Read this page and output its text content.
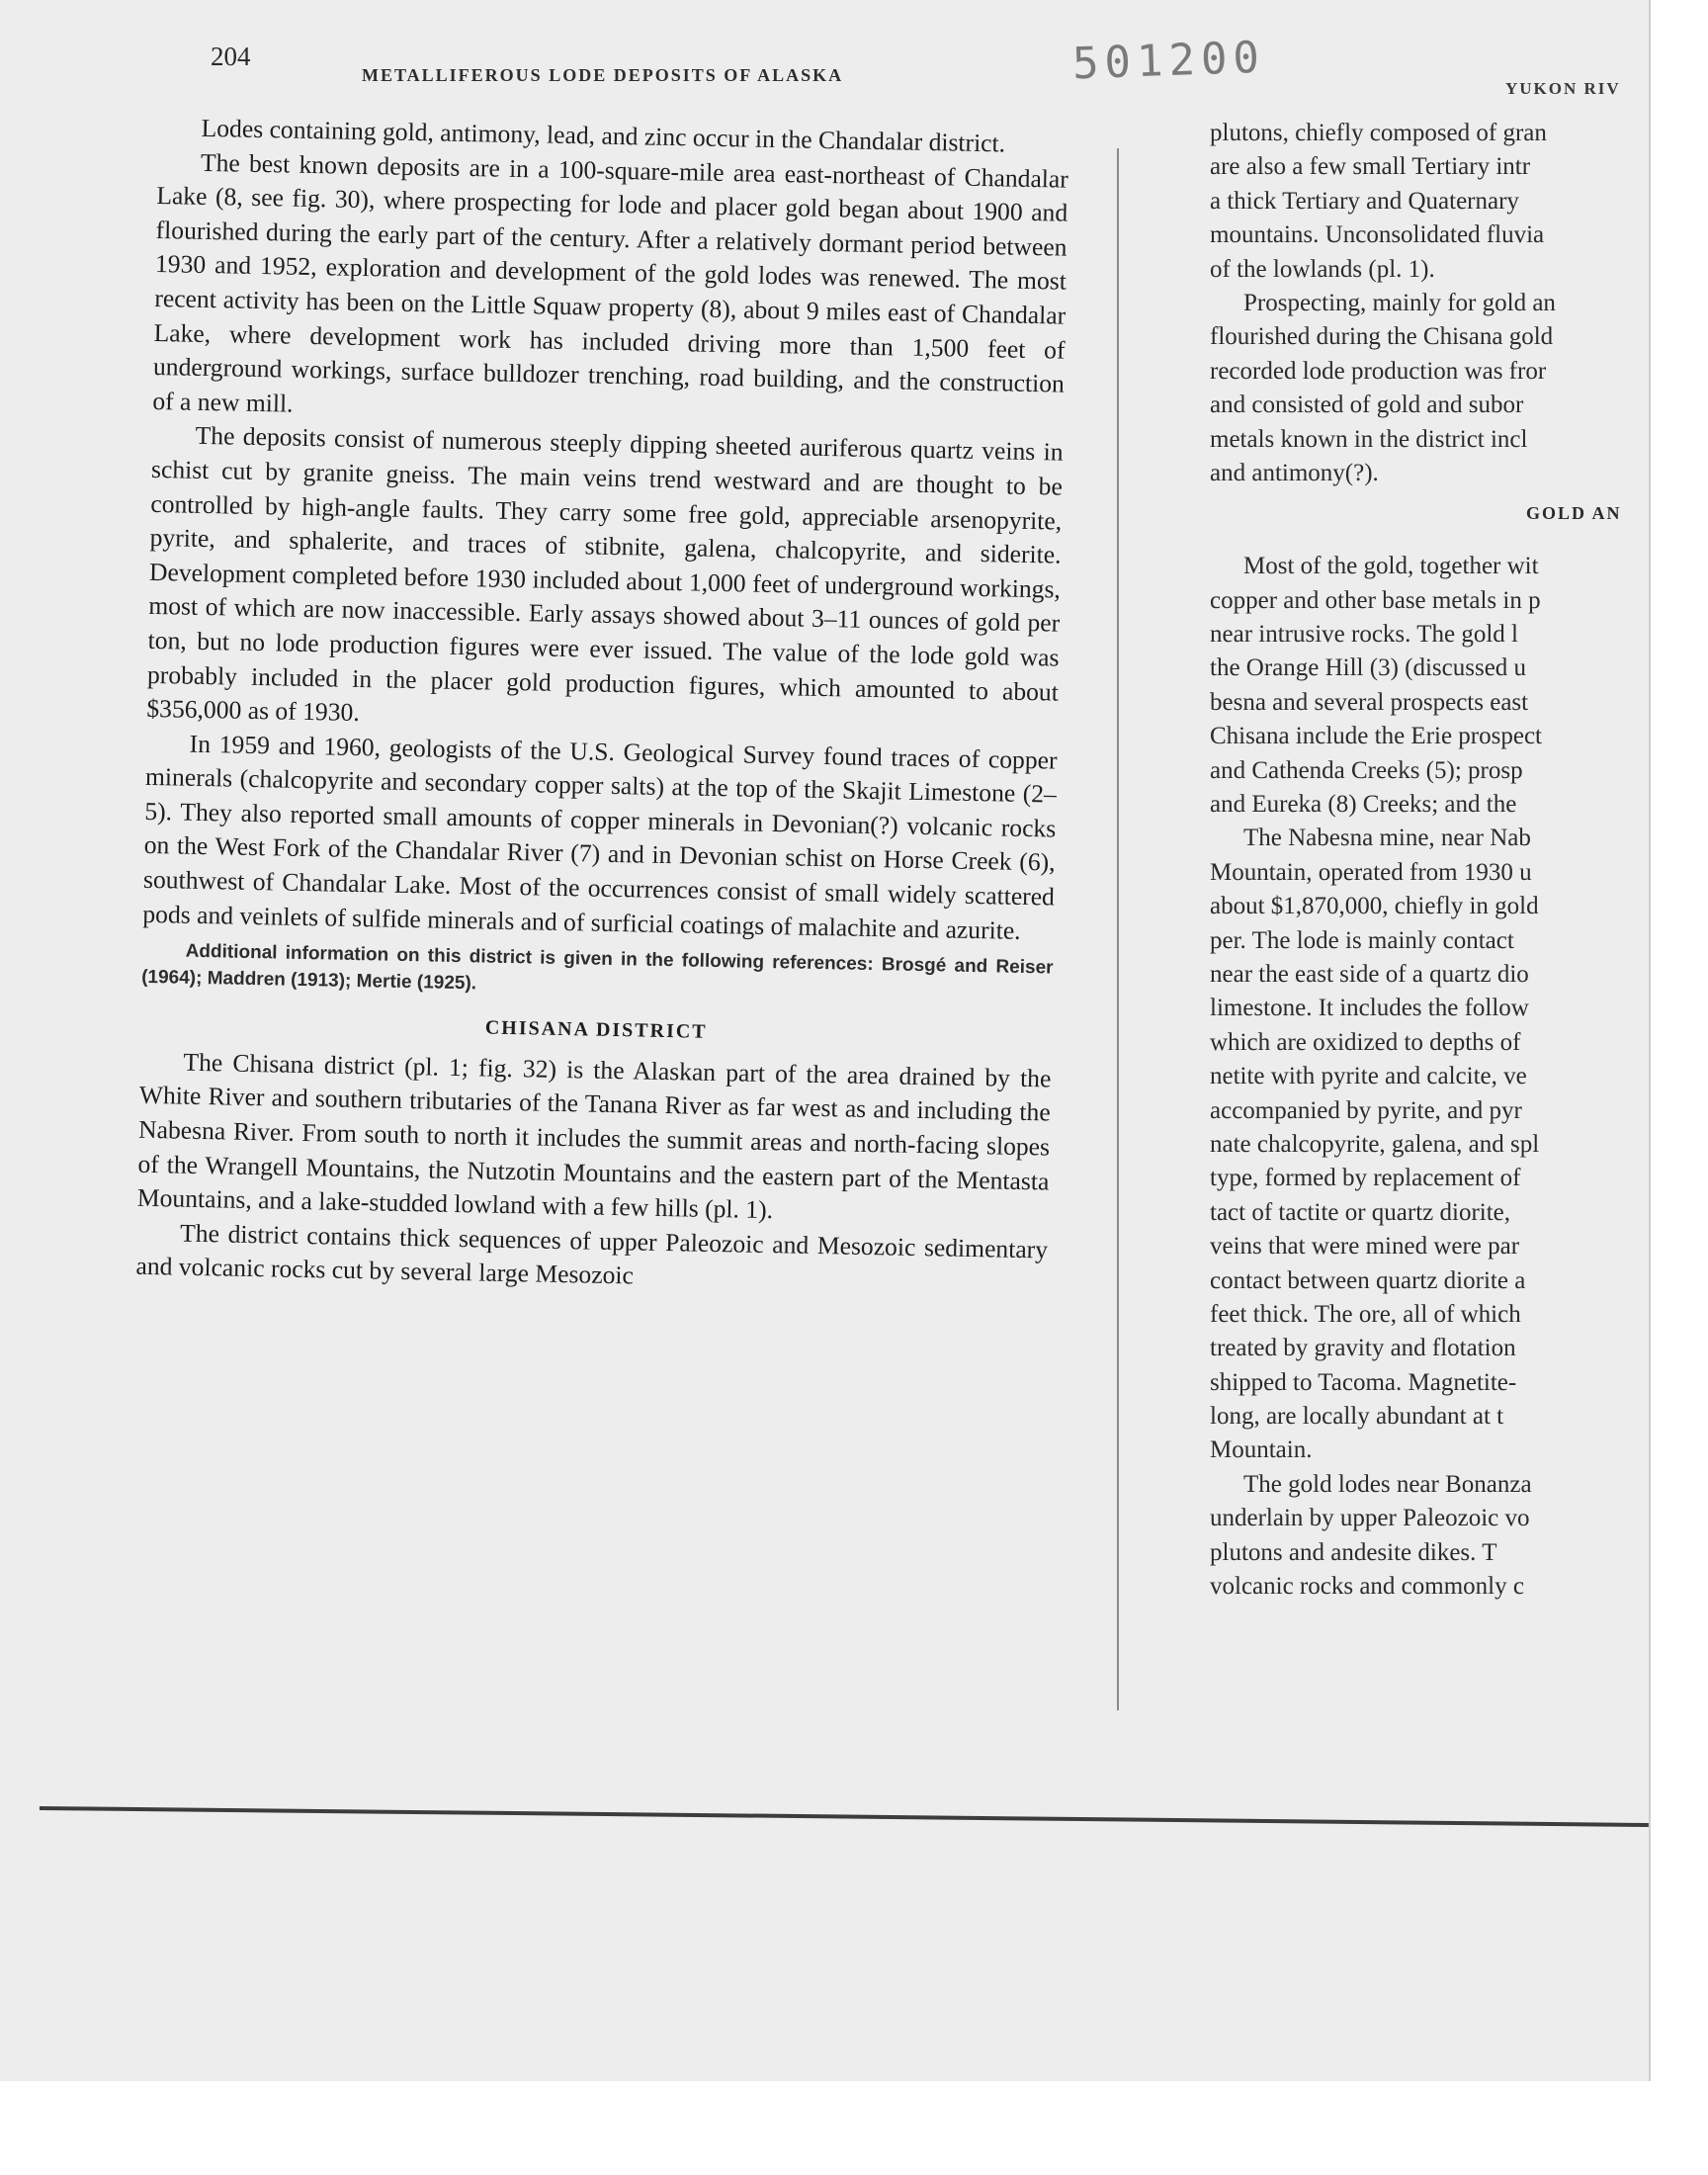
204
METALLIFEROUS LODE DEPOSITS OF ALASKA	501200	YUKON RIV

Lodes containing gold, antimony, lead, and zinc occur in the Chandalar district.

The best known deposits are in a 100-square-mile area east-northeast of Chandalar Lake (8, see fig. 30), where prospecting for lode and placer gold began about 1900 and flourished during the early part of the century. After a relatively dormant period between 1930 and 1952, exploration and development of the gold lodes was renewed. The most recent activity has been on the Little Squaw property (8), about 9 miles east of Chandalar Lake, where development work has included driving more than 1,500 feet of underground workings, surface bulldozer trenching, road building, and the construction of a new mill.

The deposits consist of numerous steeply dipping sheeted auriferous quartz veins in schist cut by granite gneiss. The main veins trend westward and are thought to be controlled by high-angle faults. They carry some free gold, appreciable arsenopyrite, pyrite, and sphalerite, and traces of stibnite, galena, chalcopyrite, and siderite. Development completed before 1930 included about 1,000 feet of underground workings, most of which are now inaccessible. Early assays showed about 3–11 ounces of gold per ton, but no lode production figures were ever issued. The value of the lode gold was probably included in the placer gold production figures, which amounted to about $356,000 as of 1930.

In 1959 and 1960, geologists of the U.S. Geological Survey found traces of copper minerals (chalcopyrite and secondary copper salts) at the top of the Skajit Limestone (2–5). They also reported small amounts of copper minerals in Devonian(?) volcanic rocks on the West Fork of the Chandalar River (7) and in Devonian schist on Horse Creek (6), southwest of Chandalar Lake. Most of the occurrences consist of small widely scattered pods and veinlets of sulfide minerals and of surficial coatings of malachite and azurite.

Additional information on this district is given in the following references: Brosgé and Reiser (1964); Maddren (1913); Mertie (1925).

CHISANA DISTRICT

The Chisana district (pl. 1; fig. 32) is the Alaskan part of the area drained by the White River and southern tributaries of the Tanana River as far west as and including the Nabesna River. From south to north it includes the summit areas and north-facing slopes of the Wrangell Mountains, the Nutzotin Mountains and the eastern part of the Mentasta Mountains, and a lake-studded lowland with a few hills (pl. 1).

The district contains thick sequences of upper Paleozoic and Mesozoic sedimentary and volcanic rocks cut by several large Mesozoic

plutons, chiefly composed of gran
are also a few small Tertiary intr
a thick Tertiary and Quaternary
mountains. Unconsolidated fluvia
of the lowlands (pl. 1).
Prospecting, mainly for gold an
flourished during the Chisana gold
recorded lode production was fror
and consisted of gold and subor
metals known in the district incl
and antimony(?).
GOLD AN
Most of the gold, together wit
copper and other base metals in p
near intrusive rocks. The gold l
the Orange Hill (3) (discussed u
besna and several prospects east
Chisana include the Erie prospect
and Cathenda Creeks (5); prosp
and Eureka (8) Creeks; and the
The Nabesna mine, near Nab
Mountain, operated from 1930 u
about $1,870,000, chiefly in gold
per. The lode is mainly contact
near the east side of a quartz dio
limestone. It includes the follow
which are oxidized to depths of
netite with pyrite and calcite, ve
accompanied by pyrite, and pyr
nate chalcopyrite, galena, and spl
type, formed by replacement of
tact of tactite or quartz diorite,
veins that were mined were par
contact between quartz diorite a
feet thick. The ore, all of which
treated by gravity and flotation
shipped to Tacoma. Magnetite-
long, are locally abundant at t
Mountain.
The gold lodes near Bonanza
underlain by upper Paleozoic vo
plutons and andesite dikes. T
volcanic rocks and commonly c
